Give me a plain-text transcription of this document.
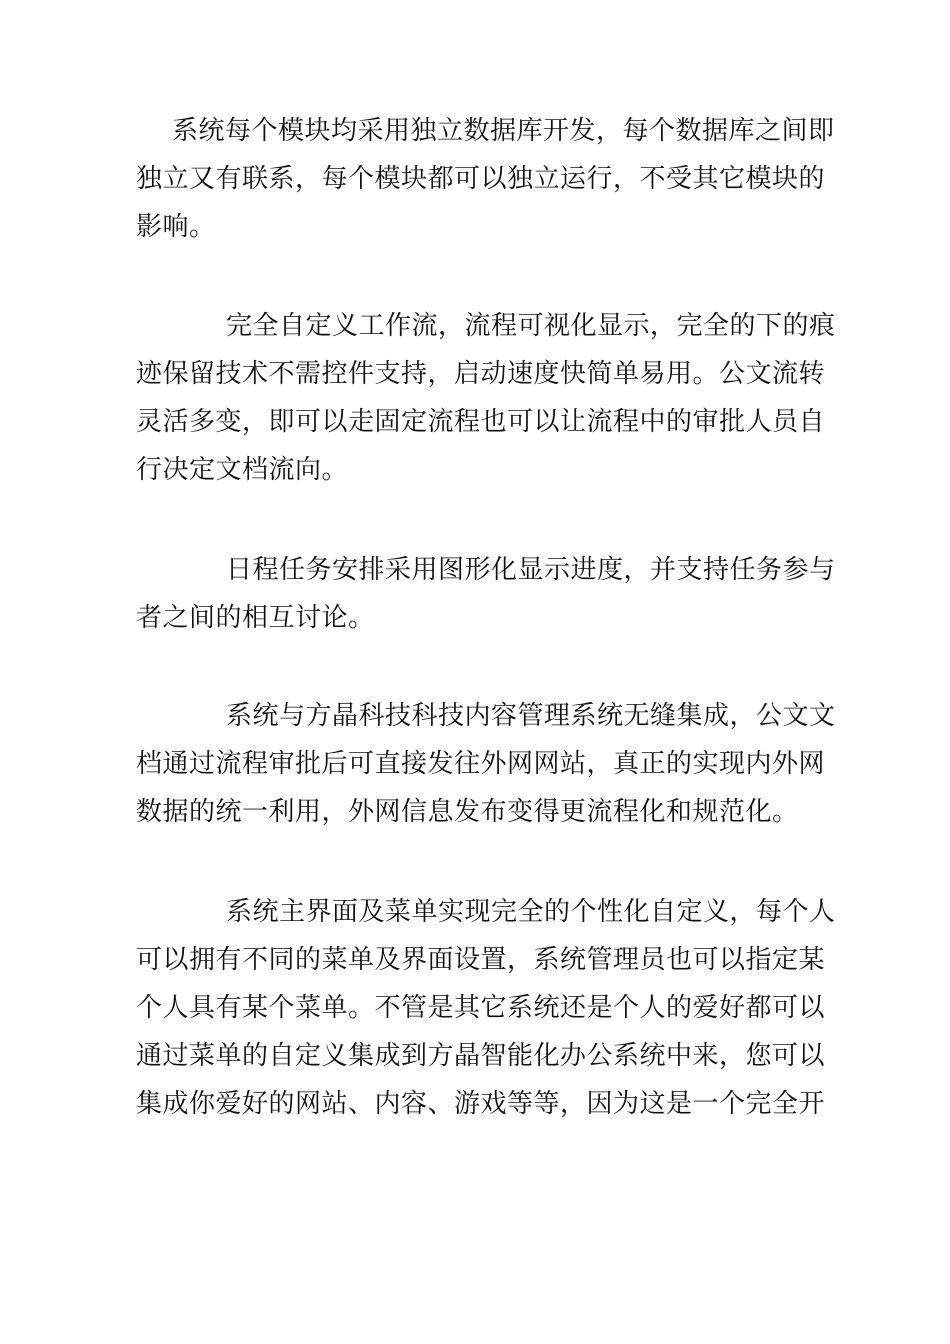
系统每个模块均采用独立数据库开发，每个数据库之间即
独立又有联系，每个模块都可以独立运行，不受其它模块的
影响。
完全自定义工作流，流程可视化显示，完全的下的痕
迹保留技术不需控件支持，启动速度快简单易用。公文流转
灵活多变，即可以走固定流程也可以让流程中的审批人员自
行决定文档流向。
日程任务安排采用图形化显示进度，并支持任务参与
者之间的相互讨论。
系统与方晶科技科技内容管理系统无缝集成，公文文
档通过流程审批后可直接发往外网网站，真正的实现内外网
数据的统一利用，外网信息发布变得更流程化和规范化。
系统主界面及菜单实现完全的个性化自定义，每个人
可以拥有不同的菜单及界面设置，系统管理员也可以指定某
个人具有某个菜单。不管是其它系统还是个人的爱好都可以
通过菜单的自定义集成到方晶智能化办公系统中来，您可以
集成你爱好的网站、内容、游戏等等，因为这是一个完全开
